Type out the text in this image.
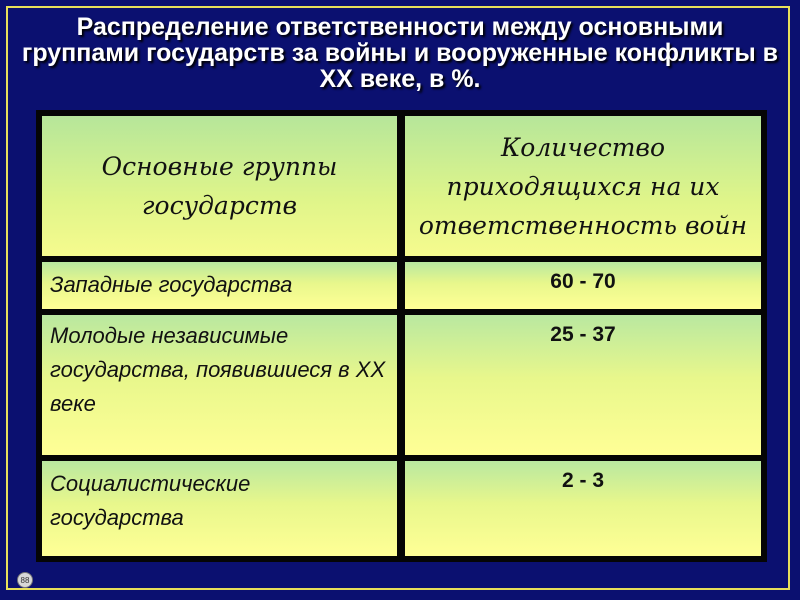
Распределение ответственности между основными группами государств за войны и вооруженные конфликты в XX веке, в %.
Основные группы государств
Количество приходящихся на их ответственность войн
Западные государства	60 - 70
Молодые независимые государства, появившиеся в XX веке
25 - 37
Социалистические государства
2 - 3
88
